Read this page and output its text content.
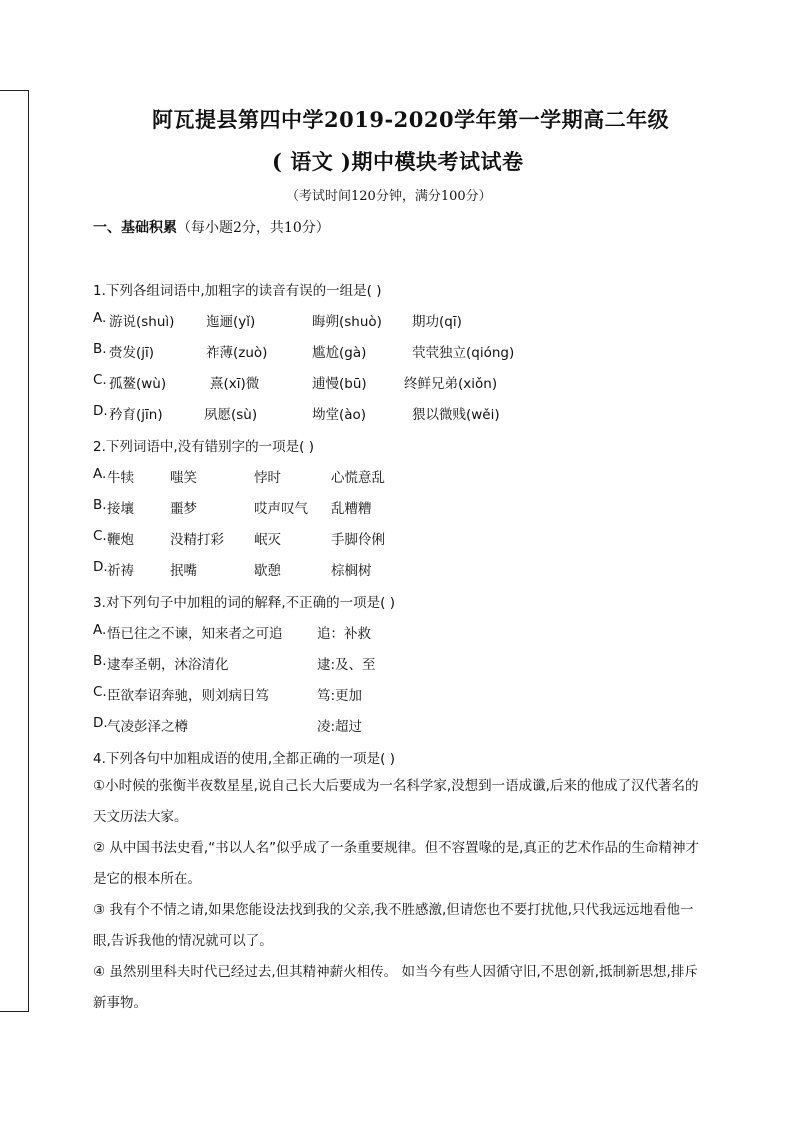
阿瓦提县第四中学2019-2020学年第一学期高二年级
( 语文 )期中模块考试试卷
（考试时间120分钟，满分100分）
一、基础积累（每小题2分，共10分）
1.下列各组词语中,加粗字的读音有误的一组是( )
A. 游说(shuì) 迤逦(yǐ)	晦朔(shuò) 期功(qī)
B. 赍发(jī)	祚薄(zuò)	尴尬(gà)	茕茕独立(qióng)
C. 孤鳌(wù)	熹(xī)微	逋慢(bū)	终鲜兄弟(xiǒn)
D. 矜育(jīn)	夙愿(sù)	坳堂(ào)	猥以微贱(wěi)
2.下列词语中,没有错别字的一项是( )
A. 牛犊	嗤笑	悖时	心慌意乱
B. 接壤	噩梦	哎声叹气 乱糟糟
C. 鞭炮	没精打彩 岷灭	手脚伶俐
D. 祈祷	抿嘴	歇憩	棕榈树
3.对下列句子中加粗的词的解释,不正确的一项是( )
A. 悟已往之不谏，知来者之可追	追：补救
B. 逮奉圣朝，沐浴清化	逮:及、至
C. 臣欲奉诏奔驰，则刘病日笃	笃:更加
D. 气凌彭泽之樽	凌:超过
4.下列各句中加粗成语的使用,全都正确的一项是( )
①小时候的张衡半夜数星星,说自己长大后要成为一名科学家,没想到一语成谶,后来的他成了汉代著名的天文历法大家。
② 从中国书法史看,“书以人名”似乎成了一条重要规律。但不容置喙的是,真正的艺术作品的生命精神才是它的根本所在。
③ 我有个不情之请,如果您能设法找到我的父亲,我不胜感激,但请您也不要打扰他,只代我远远地看他一眼,告诉我他的情况就可以了。
④ 虽然别里科夫时代已经过去,但其精神薪火相传。 如当今有些人因循守旧,不思创新,抵制新思想,排斥新事物。
